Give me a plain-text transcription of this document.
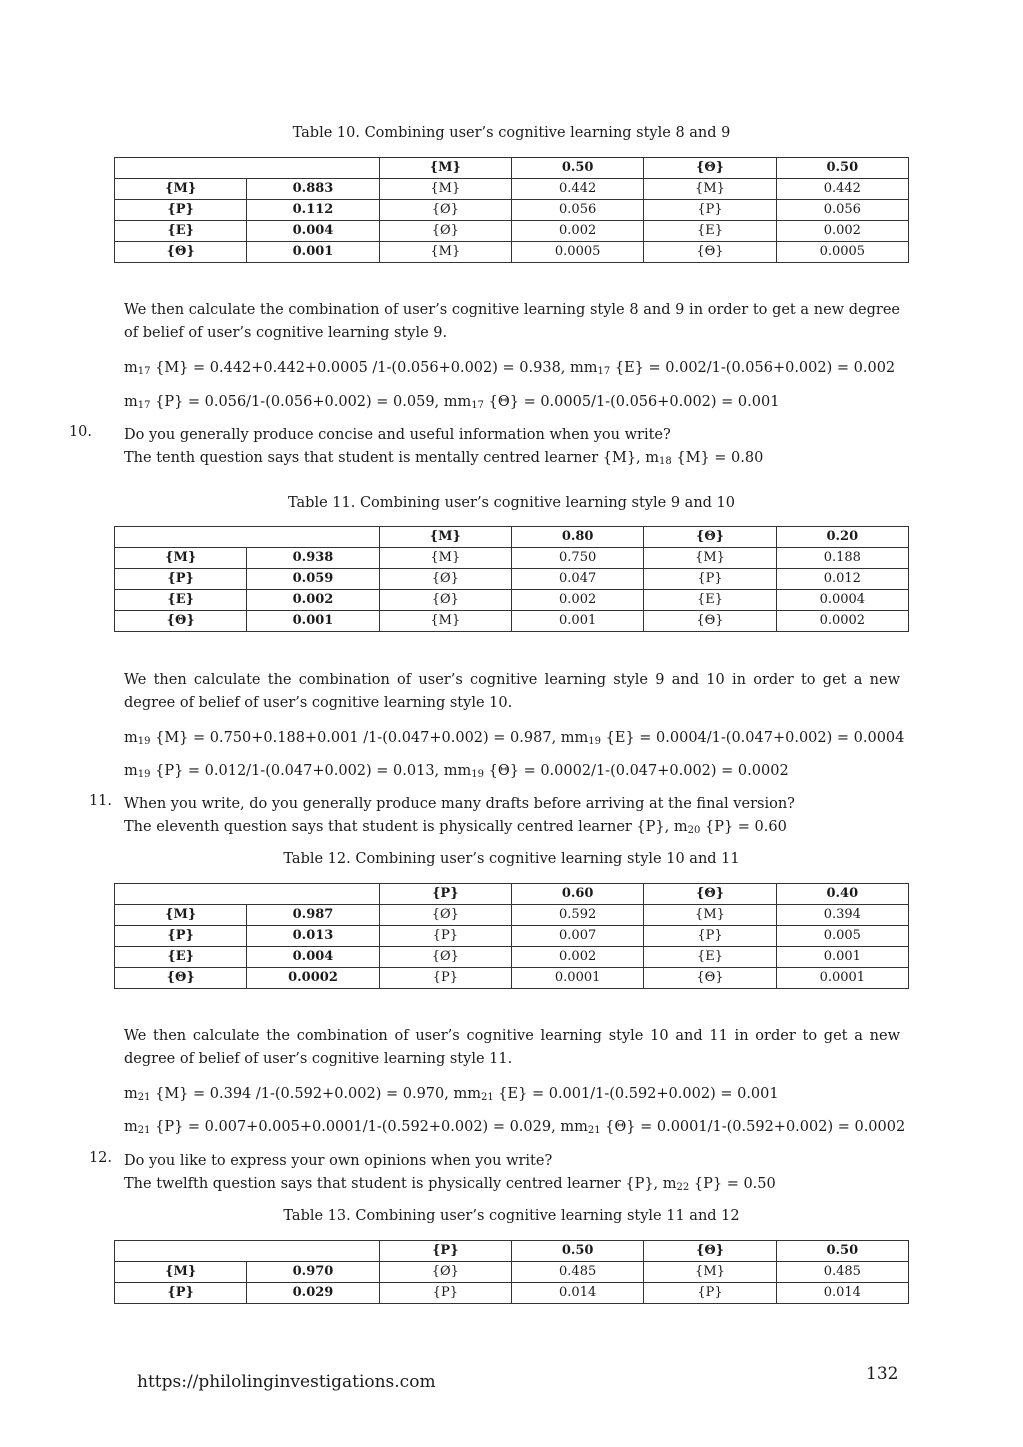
Table 10. Combining user’s cognitive learning style 8 and 9
		{M}	0.50	{Θ}	0.50
{M}	0.883	{M}	0.442	{M}	0.442
{P}	0.112	{Ø}	0.056	{P}	0.056
{E}	0.004	{Ø}	0.002	{E}	0.002
{Θ}	0.001	{M}	0.0005	{Θ}	0.0005
We then calculate the combination of user’s cognitive learning style 8 and 9 in order to get a new degree of belief of user’s cognitive learning style 9.
m17 {M} = 0.442+0.442+0.0005 /1-(0.056+0.002) = 0.938, mm17 {E} = 0.002/1-(0.056+0.002) = 0.002
m17 {P} = 0.056/1-(0.056+0.002) = 0.059, mm17 {Θ} = 0.0005/1-(0.056+0.002) = 0.001
10. Do you generally produce concise and useful information when you write?
The tenth question says that student is mentally centred learner {M}, m18 {M} = 0.80
Table 11. Combining user’s cognitive learning style 9 and 10
		{M}	0.80	{Θ}	0.20
{M}	0.938	{M}	0.750	{M}	0.188
{P}	0.059	{Ø}	0.047	{P}	0.012
{E}	0.002	{Ø}	0.002	{E}	0.0004
{Θ}	0.001	{M}	0.001	{Θ}	0.0002
We then calculate the combination of user’s cognitive learning style 9 and 10 in order to get a new degree of belief of user’s cognitive learning style 10.
m19 {M} = 0.750+0.188+0.001 /1-(0.047+0.002) = 0.987, mm19 {E} = 0.0004/1-(0.047+0.002) = 0.0004
m19 {P} = 0.012/1-(0.047+0.002) = 0.013, mm19 {Θ} = 0.0002/1-(0.047+0.002) = 0.0002
11. When you write, do you generally produce many drafts before arriving at the final version?
The eleventh question says that student is physically centred learner {P}, m20 {P} = 0.60
Table 12. Combining user’s cognitive learning style 10 and 11
		{P}	0.60	{Θ}	0.40
{M}	0.987	{Ø}	0.592	{M}	0.394
{P}	0.013	{P}	0.007	{P}	0.005
{E}	0.004	{Ø}	0.002	{E}	0.001
{Θ}	0.0002	{P}	0.0001	{Θ}	0.0001
We then calculate the combination of user’s cognitive learning style 10 and 11 in order to get a new degree of belief of user’s cognitive learning style 11.
m21 {M} = 0.394 /1-(0.592+0.002) = 0.970, mm21 {E} = 0.001/1-(0.592+0.002) = 0.001
m21 {P} = 0.007+0.005+0.0001/1-(0.592+0.002) = 0.029, mm21 {Θ} = 0.0001/1-(0.592+0.002) = 0.0002
12. Do you like to express your own opinions when you write?
The twelfth question says that student is physically centred learner {P}, m22 {P} = 0.50
Table 13. Combining user’s cognitive learning style 11 and 12
		{P}	0.50	{Θ}	0.50
{M}	0.970	{Ø}	0.485	{M}	0.485
{P}	0.029	{P}	0.014	{P}	0.014
https://philolinginvestigations.com	132
